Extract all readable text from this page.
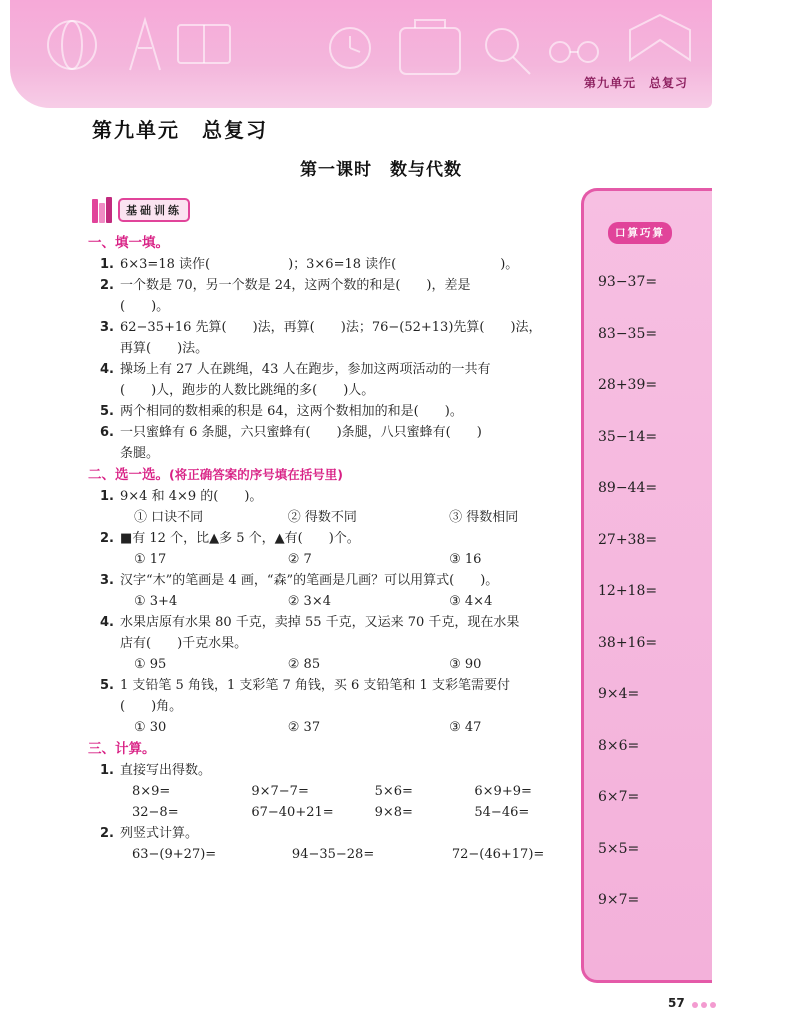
第九单元　总复习
第九单元　总复习
第一课时　数与代数
基础训练
一、填一填。
1. 6×3=18 读作(　　　　　　)；3×6=18 读作(　　　　　　　　)。
2. 一个数是 70，另一个数是 24，这两个数的和是(　　)，差是
(　　)。
3. 62−35+16 先算(　　)法，再算(　　)法；76−(52+13)先算(　　)法，
再算(　　)法。
4. 操场上有 27 人在跳绳，43 人在跑步，参加这两项活动的一共有
(　　)人，跑步的人数比跳绳的多(　　)人。
5. 两个相同的数相乘的积是 64，这两个数相加的和是(　　)。
6. 一只蜜蜂有 6 条腿，六只蜜蜂有(　　)条腿，八只蜜蜂有(　　)
条腿。
二、选一选。(将正确答案的序号填在括号里)
1. 9×4 和 4×9 的(　　)。
① 口诀不同	② 得数不同	③ 得数相同
2. ■有 12 个，比▲多 5 个，▲有(　　)个。
① 17	② 7	③ 16
3. 汉字“木”的笔画是 4 画，“森”的笔画是几画？可以用算式(　　)。
① 3+4	② 3×4	③ 4×4
4. 水果店原有水果 80 千克，卖掉 55 千克，又运来 70 千克，现在水果
店有(　　)千克水果。
① 95	② 85	③ 90
5. 1 支铅笔 5 角钱，1 支彩笔 7 角钱，买 6 支铅笔和 1 支彩笔需要付
(　　)角。
① 30	② 37	③ 47
三、计算。
1. 直接写出得数。
8×9=	9×7−7=	5×6=	6×9+9=
32−8=	67−40+21=	9×8=	54−46=
2. 列竖式计算。
63−(9+27)=	94−35−28=	72−(46+17)=
口算巧算
93−37=
83−35=
28+39=
35−14=
89−44=
27+38=
12+18=
38+16=
9×4=
8×6=
6×7=
5×5=
9×7=
57
